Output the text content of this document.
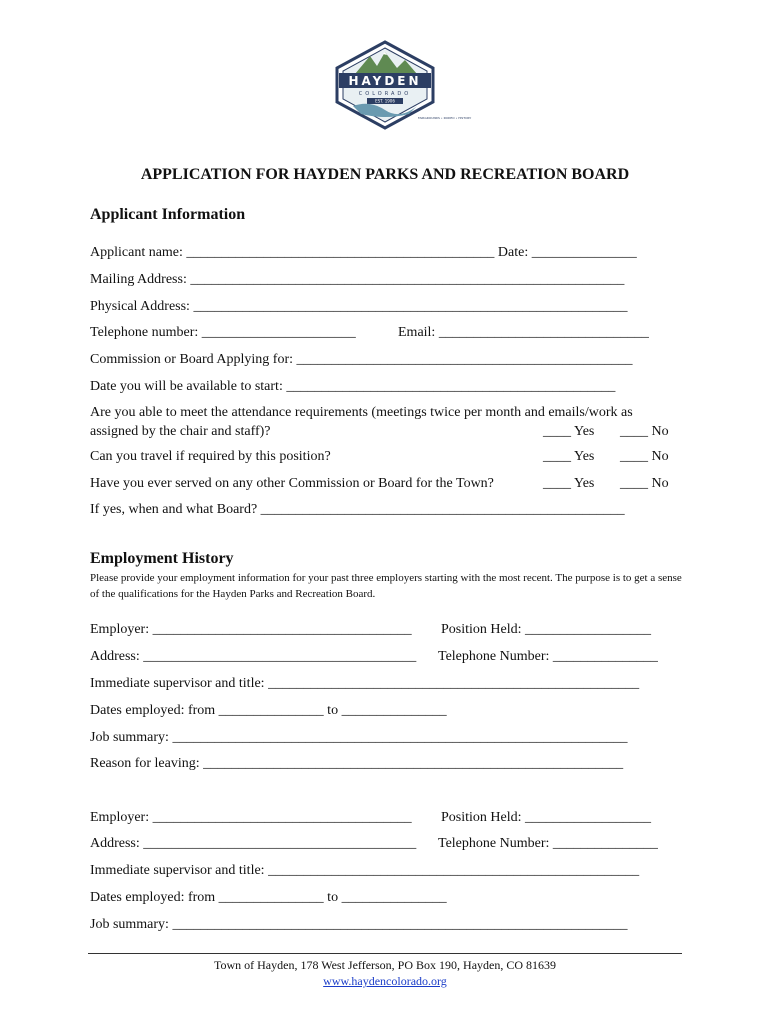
HAYDEN
COLORADO
EST. 1906
FAIRGROUNDS • RODEO • HISTORY
APPLICATION FOR HAYDEN PARKS AND RECREATION BOARD
Applicant Information
Applicant name: ____________________________________________ Date: _______________
Mailing Address: ______________________________________________________________
Physical Address: ______________________________________________________________
Telephone number: ______________________	Email: ______________________________
Commission or Board Applying for: ________________________________________________
Date you will be available to start: _______________________________________________
Are you able to meet the attendance requirements (meetings twice per month and emails/work as
assigned by the chair and staff)?	____ Yes ____ No
Can you travel if required by this position?	____ Yes ____ No
Have you ever served on any other Commission or Board for the Town?	____ Yes ____ No
If yes, when and what Board? ____________________________________________________
Employment History
Please provide your employment information for your past three employers starting with the most recent. The purpose is to get a sense of the qualifications for the Hayden Parks and Recreation Board.
Employer: _____________________________________ Position Held: __________________
Address: _______________________________________ Telephone Number: _______________
Immediate supervisor and title: _____________________________________________________
Dates employed: from _______________ to _______________
Job summary: _________________________________________________________________
Reason for leaving: ____________________________________________________________
Employer: _____________________________________ Position Held: __________________
Address: _______________________________________ Telephone Number: _______________
Immediate supervisor and title: _____________________________________________________
Dates employed: from _______________ to _______________
Job summary: _________________________________________________________________
Town of Hayden, 178 West Jefferson, PO Box 190, Hayden, CO 81639
www.haydencolorado.org
